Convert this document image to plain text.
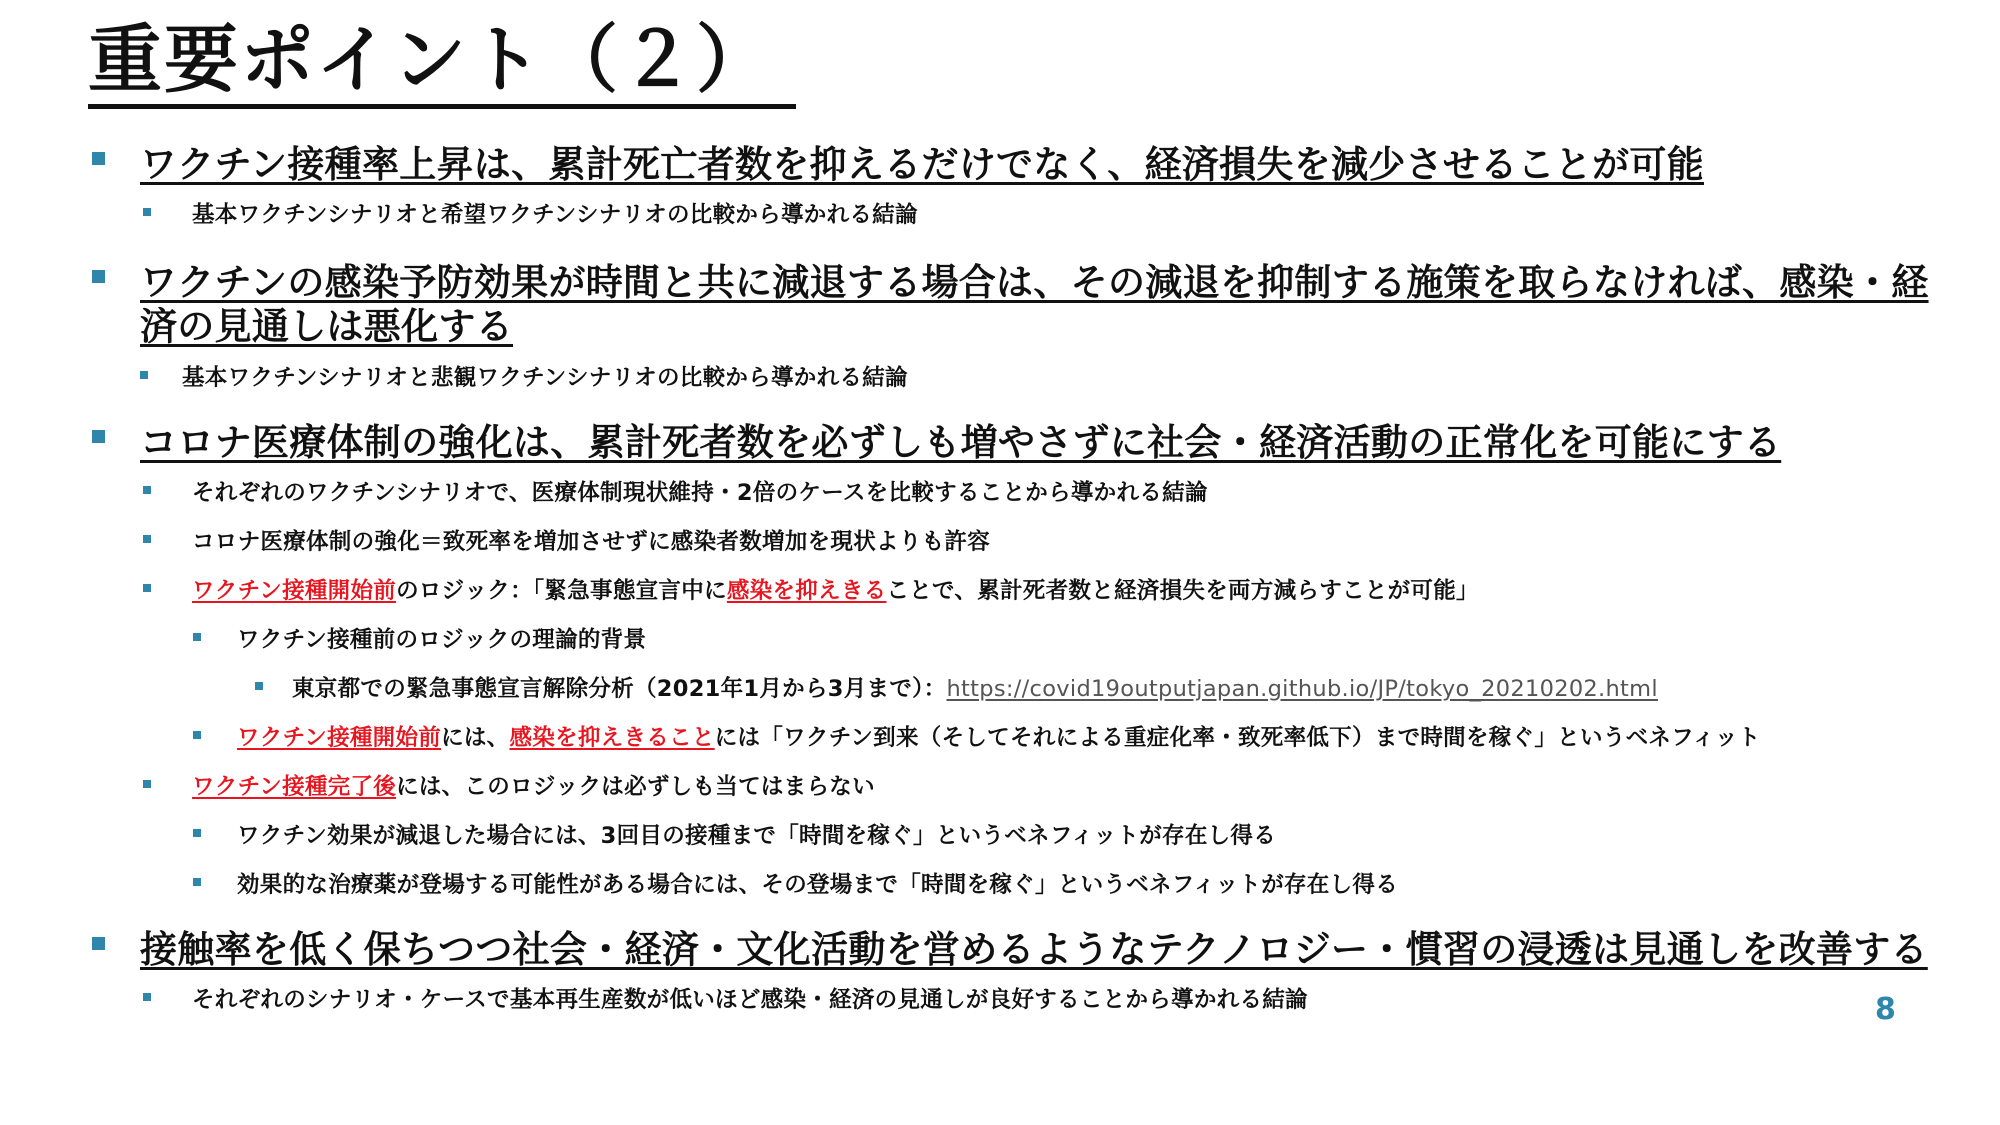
重要ポイント（２）
ワクチン接種率上昇は、累計死亡者数を抑えるだけでなく、経済損失を減少させることが可能
基本ワクチンシナリオと希望ワクチンシナリオの比較から導かれる結論
ワクチンの感染予防効果が時間と共に減退する場合は、その減退を抑制する施策を取らなければ、感染・経
済の見通しは悪化する
基本ワクチンシナリオと悲観ワクチンシナリオの比較から導かれる結論
コロナ医療体制の強化は、累計死者数を必ずしも増やさずに社会・経済活動の正常化を可能にする
それぞれのワクチンシナリオで、医療体制現状維持・2倍のケースを比較することから導かれる結論
コロナ医療体制の強化＝致死率を増加させずに感染者数増加を現状よりも許容
ワクチン接種開始前のロジック：「緊急事態宣言中に感染を抑えきることで、累計死者数と経済損失を両方減らすことが可能」
ワクチン接種前のロジックの理論的背景
東京都での緊急事態宣言解除分析（2021年1月から3月まで）：https://covid19outputjapan.github.io/JP/tokyo_20210202.html
ワクチン接種開始前には、感染を抑えきることには「ワクチン到来（そしてそれによる重症化率・致死率低下）まで時間を稼ぐ」というベネフィット
ワクチン接種完了後には、このロジックは必ずしも当てはまらない
ワクチン効果が減退した場合には、3回目の接種まで「時間を稼ぐ」というベネフィットが存在し得る
効果的な治療薬が登場する可能性がある場合には、その登場まで「時間を稼ぐ」というベネフィットが存在し得る
接触率を低く保ちつつ社会・経済・文化活動を営めるようなテクノロジー・慣習の浸透は見通しを改善する
それぞれのシナリオ・ケースで基本再生産数が低いほど感染・経済の見通しが良好することから導かれる結論	8
